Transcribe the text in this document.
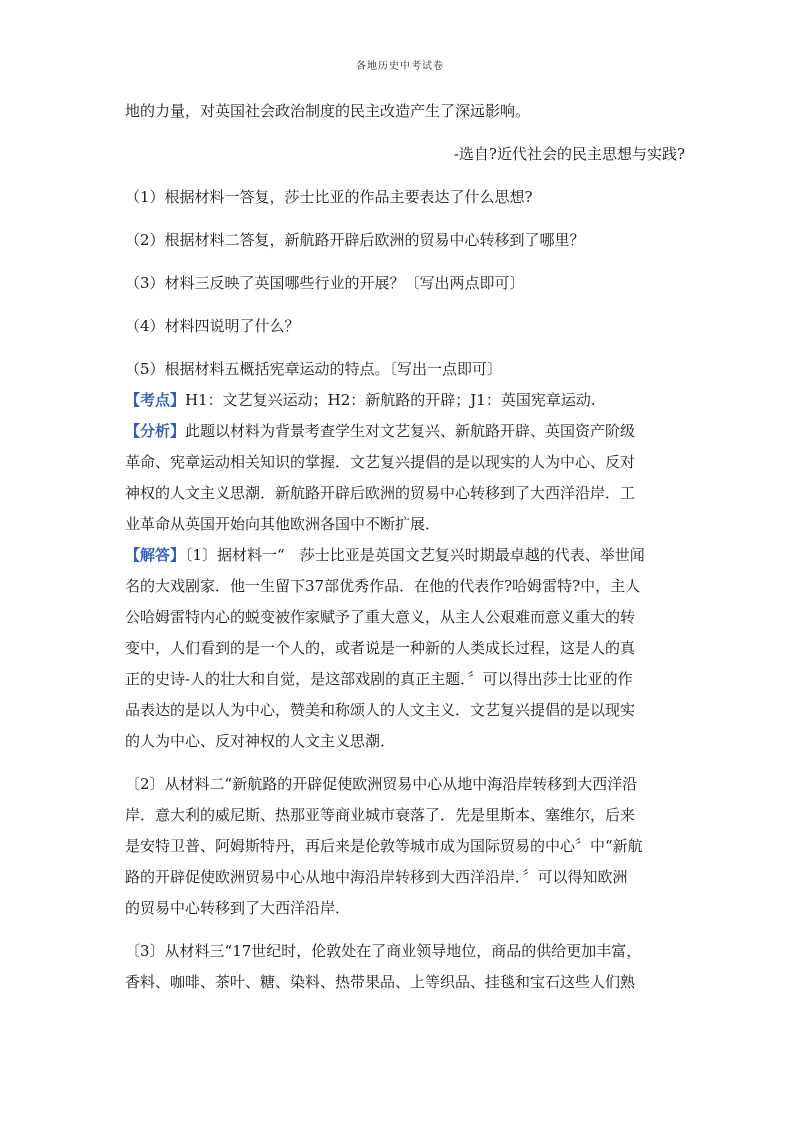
各地历史中考试卷
地的力量，对英国社会政治制度的民主改造产生了深远影响。
-选自?近代社会的民主思想与实践?
（1）根据材料一答复，莎士比亚的作品主要表达了什么思想?
（2）根据材料二答复，新航路开辟后欧洲的贸易中心转移到了哪里？
（3）材料三反映了英国哪些行业的开展？〔写出两点即可〕
（4）材料四说明了什么？
（5）根据材料五概括宪章运动的特点。〔写出一点即可〕
【考点】H1：文艺复兴运动；H2：新航路的开辟；J1：英国宪章运动.
【分析】此题以材料为背景考查学生对文艺复兴、新航路开辟、英国资产阶级
革命、宪章运动相关知识的掌握．文艺复兴提倡的是以现实的人为中心、反对
神权的人文主义思潮．新航路开辟后欧洲的贸易中心转移到了大西洋沿岸．工
业革命从英国开始向其他欧洲各国中不断扩展．
【解答】〔1〕据材料一“　莎士比亚是英国文艺复兴时期最卓越的代表、举世闻
名的大戏剧家．他一生留下37部优秀作品．在他的代表作?哈姆雷特?中，主人
公哈姆雷特内心的蜕变被作家赋予了重大意义，从主人公艰难而意义重大的转
变中，人们看到的是一个人的，或者说是一种新的人类成长过程，这是人的真
正的史诗-人的壮大和自觉，是这部戏剧的真正主题．〞可以得出莎士比亚的作
品表达的是以人为中心，赞美和称颂人的人文主义．文艺复兴提倡的是以现实
的人为中心、反对神权的人文主义思潮．
〔2〕从材料二“新航路的开辟促使欧洲贸易中心从地中海沿岸转移到大西洋沿
岸．意大利的威尼斯、热那亚等商业城市衰落了．先是里斯本、塞维尔，后来
是安特卫普、阿姆斯特丹，再后来是伦敦等城市成为国际贸易的中心〞中“新航
路的开辟促使欧洲贸易中心从地中海沿岸转移到大西洋沿岸．〞可以得知欧洲
的贸易中心转移到了大西洋沿岸．
〔3〕从材料三“17世纪时，伦敦处在了商业领导地位，商品的供给更加丰富，
香料、咖啡、茶叶、糖、染料、热带果品、上等织品、挂毯和宝石这些人们熟
